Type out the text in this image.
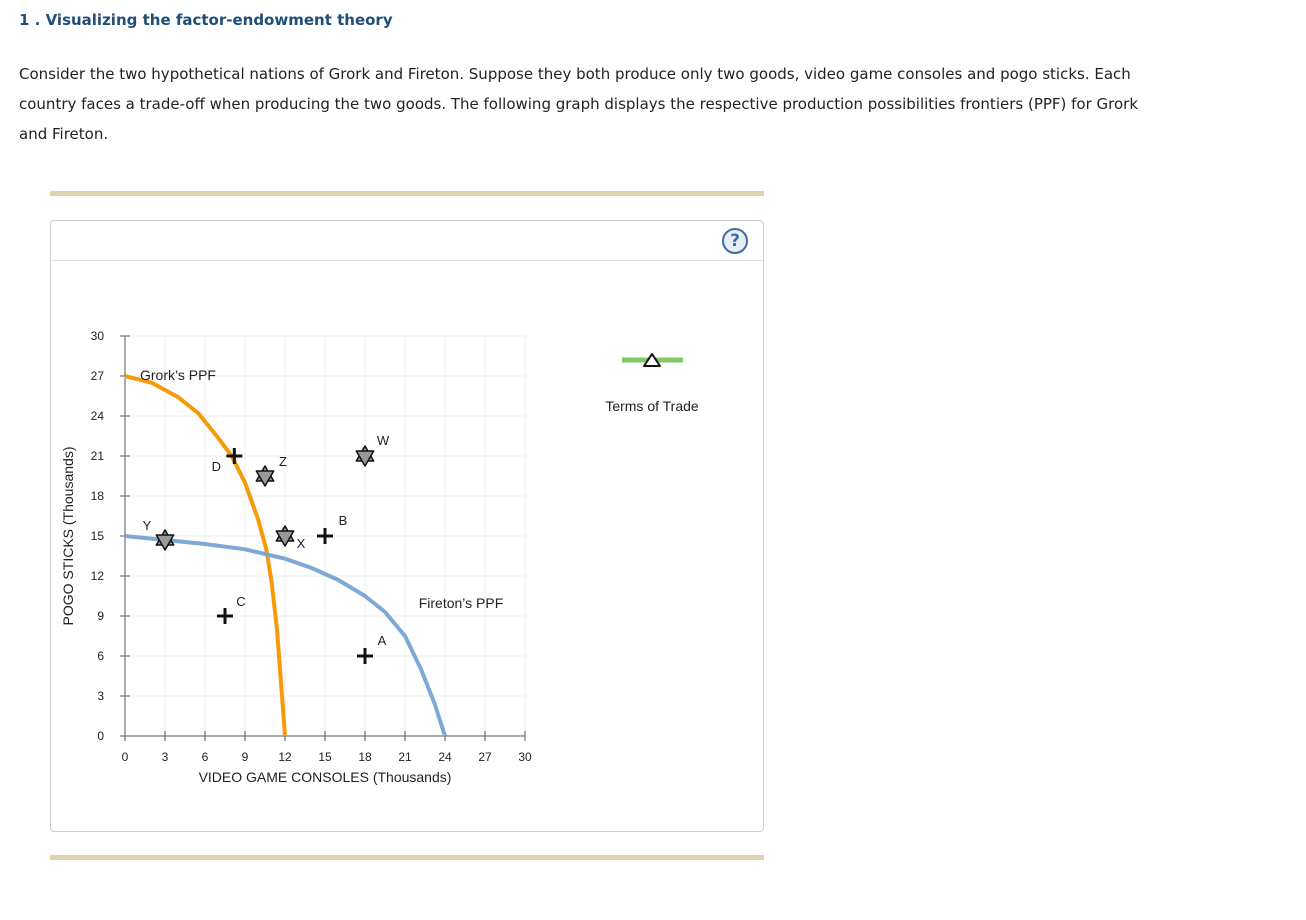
1 . Visualizing the factor-endowment theory

Consider the two hypothetical nations of Grork and Fireton. Suppose they both produce only two goods, video game consoles and pogo sticks. Each country faces a trade-off when producing the two goods. The following graph displays the respective production possibilities frontiers (PPF) for Grork and Fireton.

?
0	3	6	9 12 15 18 21 24 27 30
0
3
6
9
12
15
18
21
24
27
30
VIDEO GAME CONSOLES (Thousands)
POGO STICKS (Thousands)
Grork’s PPF
Fireton’s PPF
D	Z
W
Y
X
B
C
A
Terms of Trade
